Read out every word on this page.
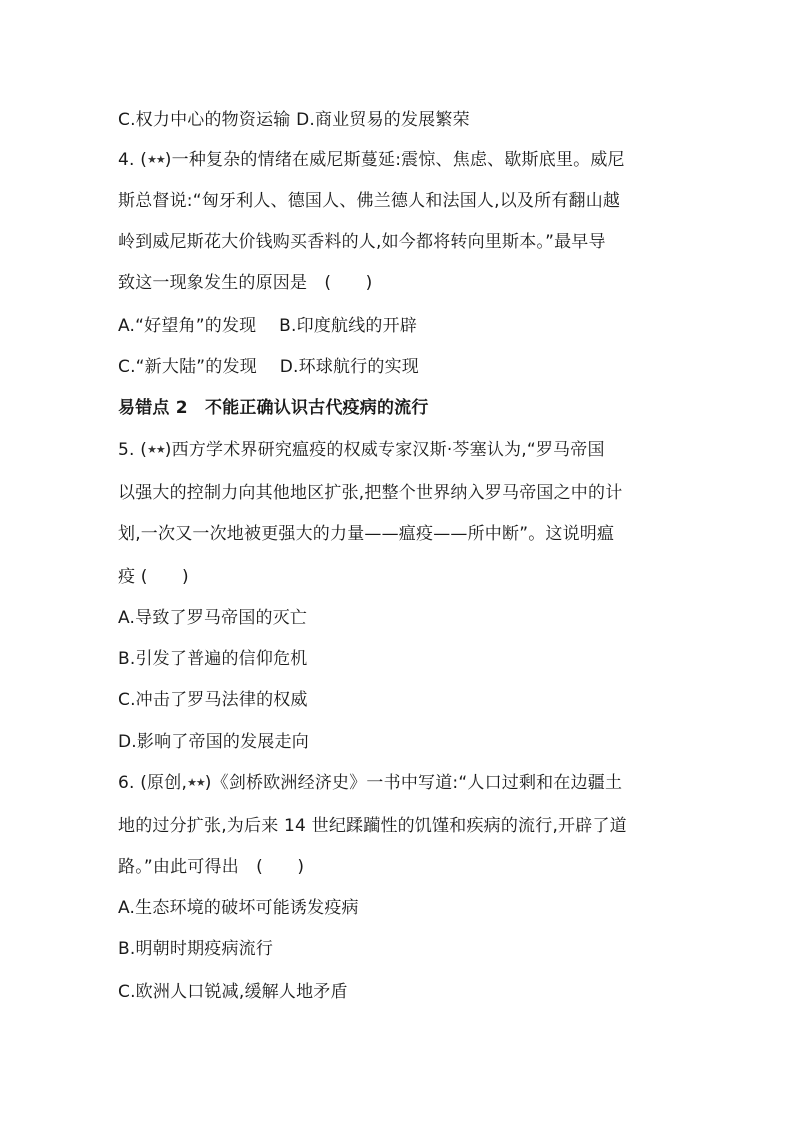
C.权力中心的物资运输 D.商业贸易的发展繁荣
4. (★★)一种复杂的情绪在威尼斯蔓延:震惊、焦虑、歇斯底里。威尼
斯总督说:“匈牙利人、德国人、佛兰德人和法国人,以及所有翻山越
岭到威尼斯花大价钱购买香料的人,如今都将转向里斯本。”最早导
致这一现象发生的原因是　(　　)
A.“好望角”的发现　 B.印度航线的开辟
C.“新大陆”的发现　 D.环球航行的实现
易错点 2　不能正确认识古代疫病的流行
5. (★★)西方学术界研究瘟疫的权威专家汉斯·芩塞认为,“罗马帝国
以强大的控制力向其他地区扩张,把整个世界纳入罗马帝国之中的计
划,一次又一次地被更强大的力量——瘟疫——所中断”。这说明瘟
疫 (　　)
A.导致了罗马帝国的灭亡
B.引发了普遍的信仰危机
C.冲击了罗马法律的权威
D.影响了帝国的发展走向
6. (原创,★★)《剑桥欧洲经济史》一书中写道:“人口过剩和在边疆土
地的过分扩张,为后来 14 世纪蹂躏性的饥馑和疾病的流行,开辟了道
路。”由此可得出　(　　)
A.生态环境的破坏可能诱发疫病
B.明朝时期疫病流行
C.欧洲人口锐减,缓解人地矛盾
